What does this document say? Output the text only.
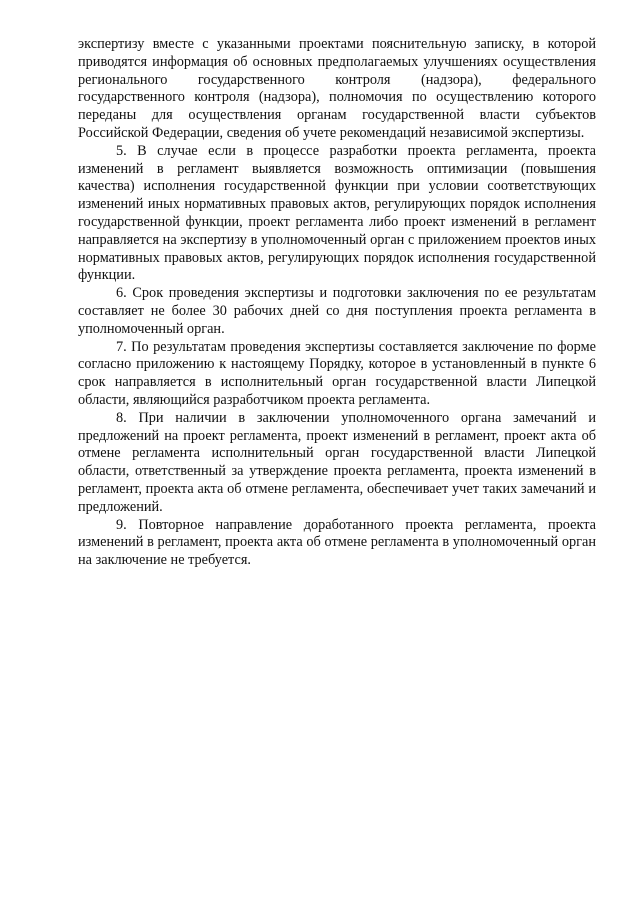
экспертизу вместе с указанными проектами пояснительную записку, в которой приводятся информация об основных предполагаемых улучшениях осуществления регионального государственного контроля (надзора), федерального государственного контроля (надзора), полномочия по осуществлению которого переданы для осуществления органам государственной власти субъектов Российской Федерации, сведения об учете рекомендаций независимой экспертизы.

5. В случае если в процессе разработки проекта регламента, проекта изменений в регламент выявляется возможность оптимизации (повышения качества) исполнения государственной функции при условии соответствующих изменений иных нормативных правовых актов, регулирующих порядок исполнения государственной функции, проект регламента либо проект изменений в регламент направляется на экспертизу в уполномоченный орган с приложением проектов иных нормативных правовых актов, регулирующих порядок исполнения государственной функции.

6. Срок проведения экспертизы и подготовки заключения по ее результатам составляет не более 30 рабочих дней со дня поступления проекта регламента в уполномоченный орган.

7. По результатам проведения экспертизы составляется заключение по форме согласно приложению к настоящему Порядку, которое в установленный в пункте 6 срок направляется в исполнительный орган государственной власти Липецкой области, являющийся разработчиком проекта регламента.

8. При наличии в заключении уполномоченного органа замечаний и предложений на проект регламента, проект изменений в регламент, проект акта об отмене регламента исполнительный орган государственной власти Липецкой области, ответственный за утверждение проекта регламента, проекта изменений в регламент, проекта акта об отмене регламента, обеспечивает учет таких замечаний и предложений.

9. Повторное направление доработанного проекта регламента, проекта изменений в регламент, проекта акта об отмене регламента в уполномоченный орган на заключение не требуется.
